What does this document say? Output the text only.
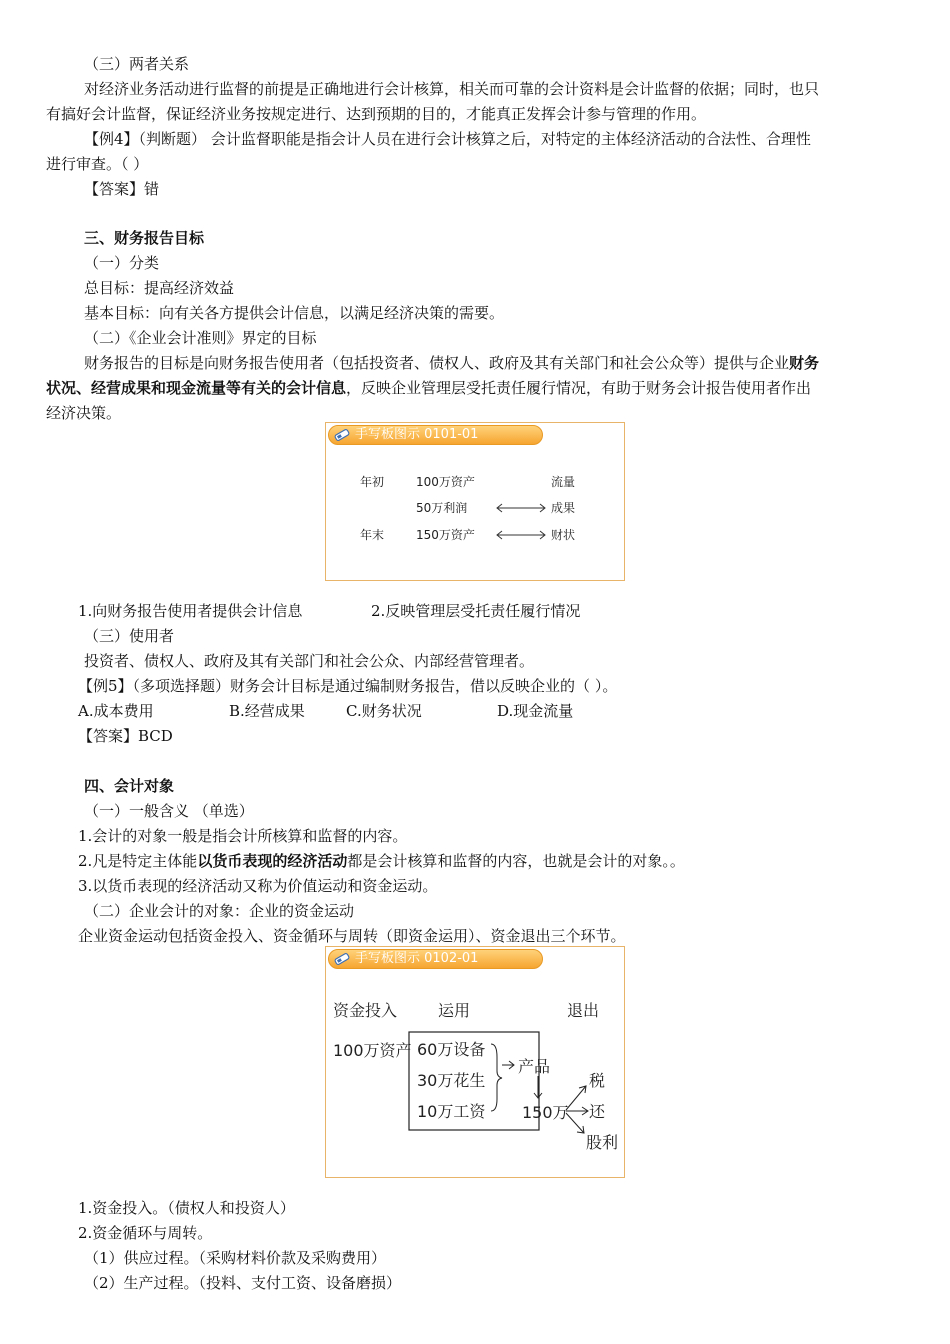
（三）两者关系
对经济业务活动进行监督的前提是正确地进行会计核算，相关而可靠的会计资料是会计监督的依据；同时，也只
有搞好会计监督，保证经济业务按规定进行、达到预期的目的，才能真正发挥会计参与管理的作用。
【例4】（判断题） 会计监督职能是指会计人员在进行会计核算之后，对特定的主体经济活动的合法性、合理性
进行审查。（ ）
【答案】错
三、财务报告目标
（一）分类
总目标：提高经济效益
基本目标：向有关各方提供会计信息，以满足经济决策的需要。
（二）《企业会计准则》界定的目标
财务报告的目标是向财务报告使用者（包括投资者、债权人、政府及其有关部门和社会公众等）提供与企业财务
状况、经营成果和现金流量等有关的会计信息，反映企业管理层受托责任履行情况，有助于财务会计报告使用者作出
经济决策。
手写板图示 0101-01
年初	100万资产	流量
50万利润	成果
年末	150万资产	财状
1.向财务报告使用者提供会计信息	2.反映管理层受托责任履行情况
（三）使用者
投资者、债权人、政府及其有关部门和社会公众、内部经营管理者。
【例5】（多项选择题）财务会计目标是通过编制财务报告，借以反映企业的（ ）。
A.成本费用	B.经营成果	C.财务状况	D.现金流量
【答案】BCD
四、会计对象
（一）一般含义 （单选）
1.会计的对象一般是指会计所核算和监督的内容。
2.凡是特定主体能以货币表现的经济活动都是会计核算和监督的内容，也就是会计的对象。。
3.以货币表现的经济活动又称为价值运动和资金运动。
（二）企业会计的对象：企业的资金运动
企业资金运动包括资金投入、资金循环与周转（即资金运用）、资金退出三个环节。
手写板图示 0102-01
资金投入	运用	退出
100万资产 60万设备
30万花生
10万工资
产品
150万
税
还
股利
1.资金投入。（债权人和投资人）
2.资金循环与周转。
（1）供应过程。（采购材料价款及采购费用）
（2）生产过程。（投料、支付工资、设备磨损）
